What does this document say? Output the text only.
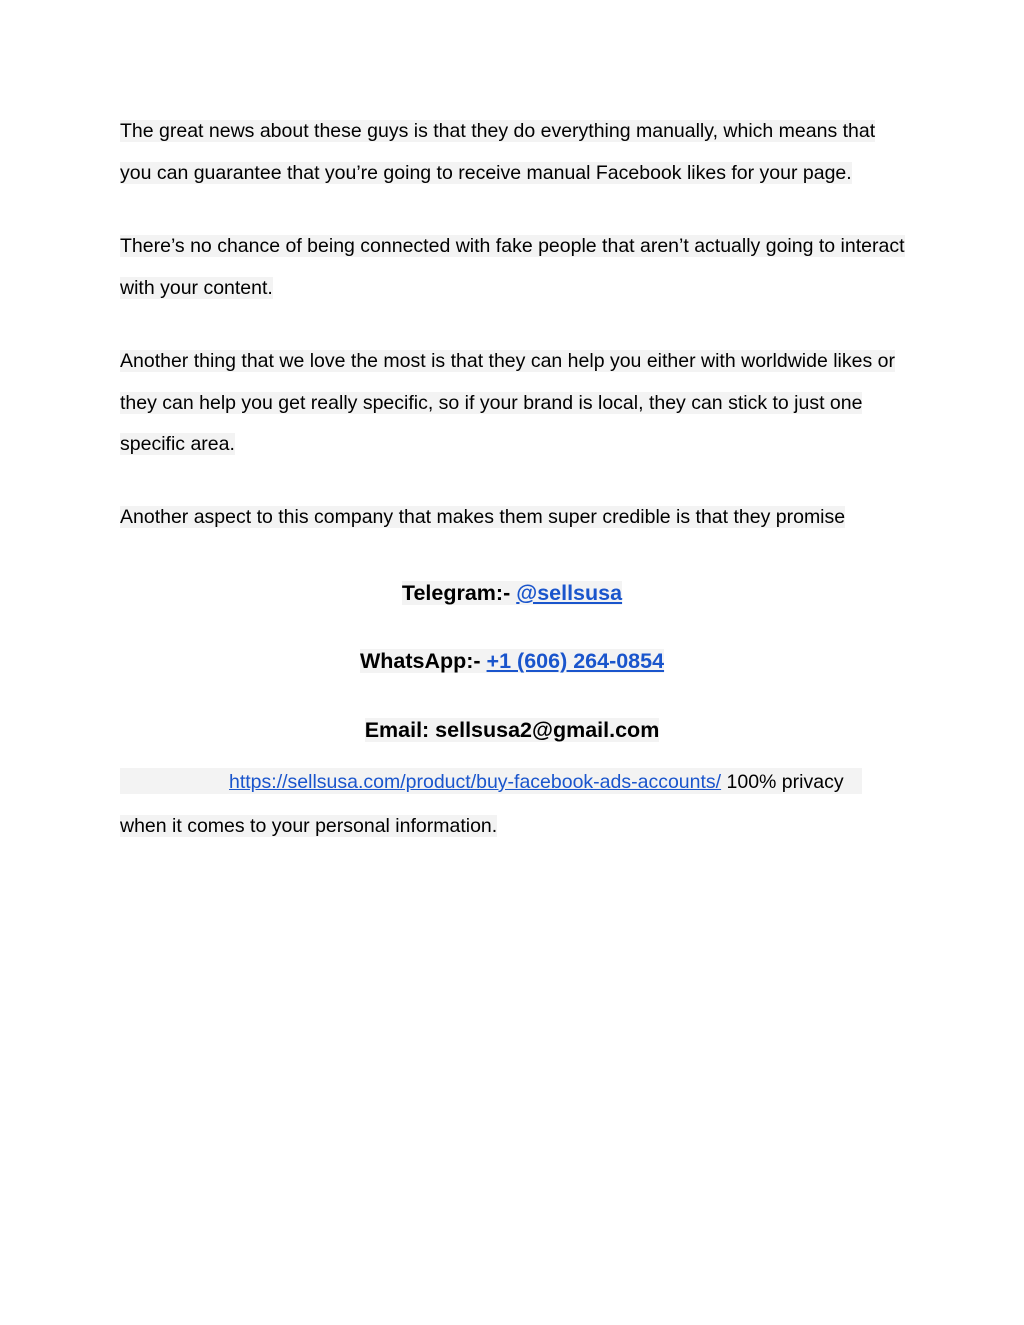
The great news about these guys is that they do everything manually, which means that you can guarantee that you’re going to receive manual Facebook likes for your page.

There’s no chance of being connected with fake people that aren’t actually going to interact with your content.

Another thing that we love the most is that they can help you either with worldwide likes or they can help you get really specific, so if your brand is local, they can stick to just one specific area.

Another aspect to this company that makes them super credible is that they promise

Telegram:- @sellsusa

WhatsApp:- +1 (606) 264-0854

Email: sellsusa2@gmail.com

https://sellsusa.com/product/buy-facebook-ads-accounts/ 100% privacy
when it comes to your personal information.
